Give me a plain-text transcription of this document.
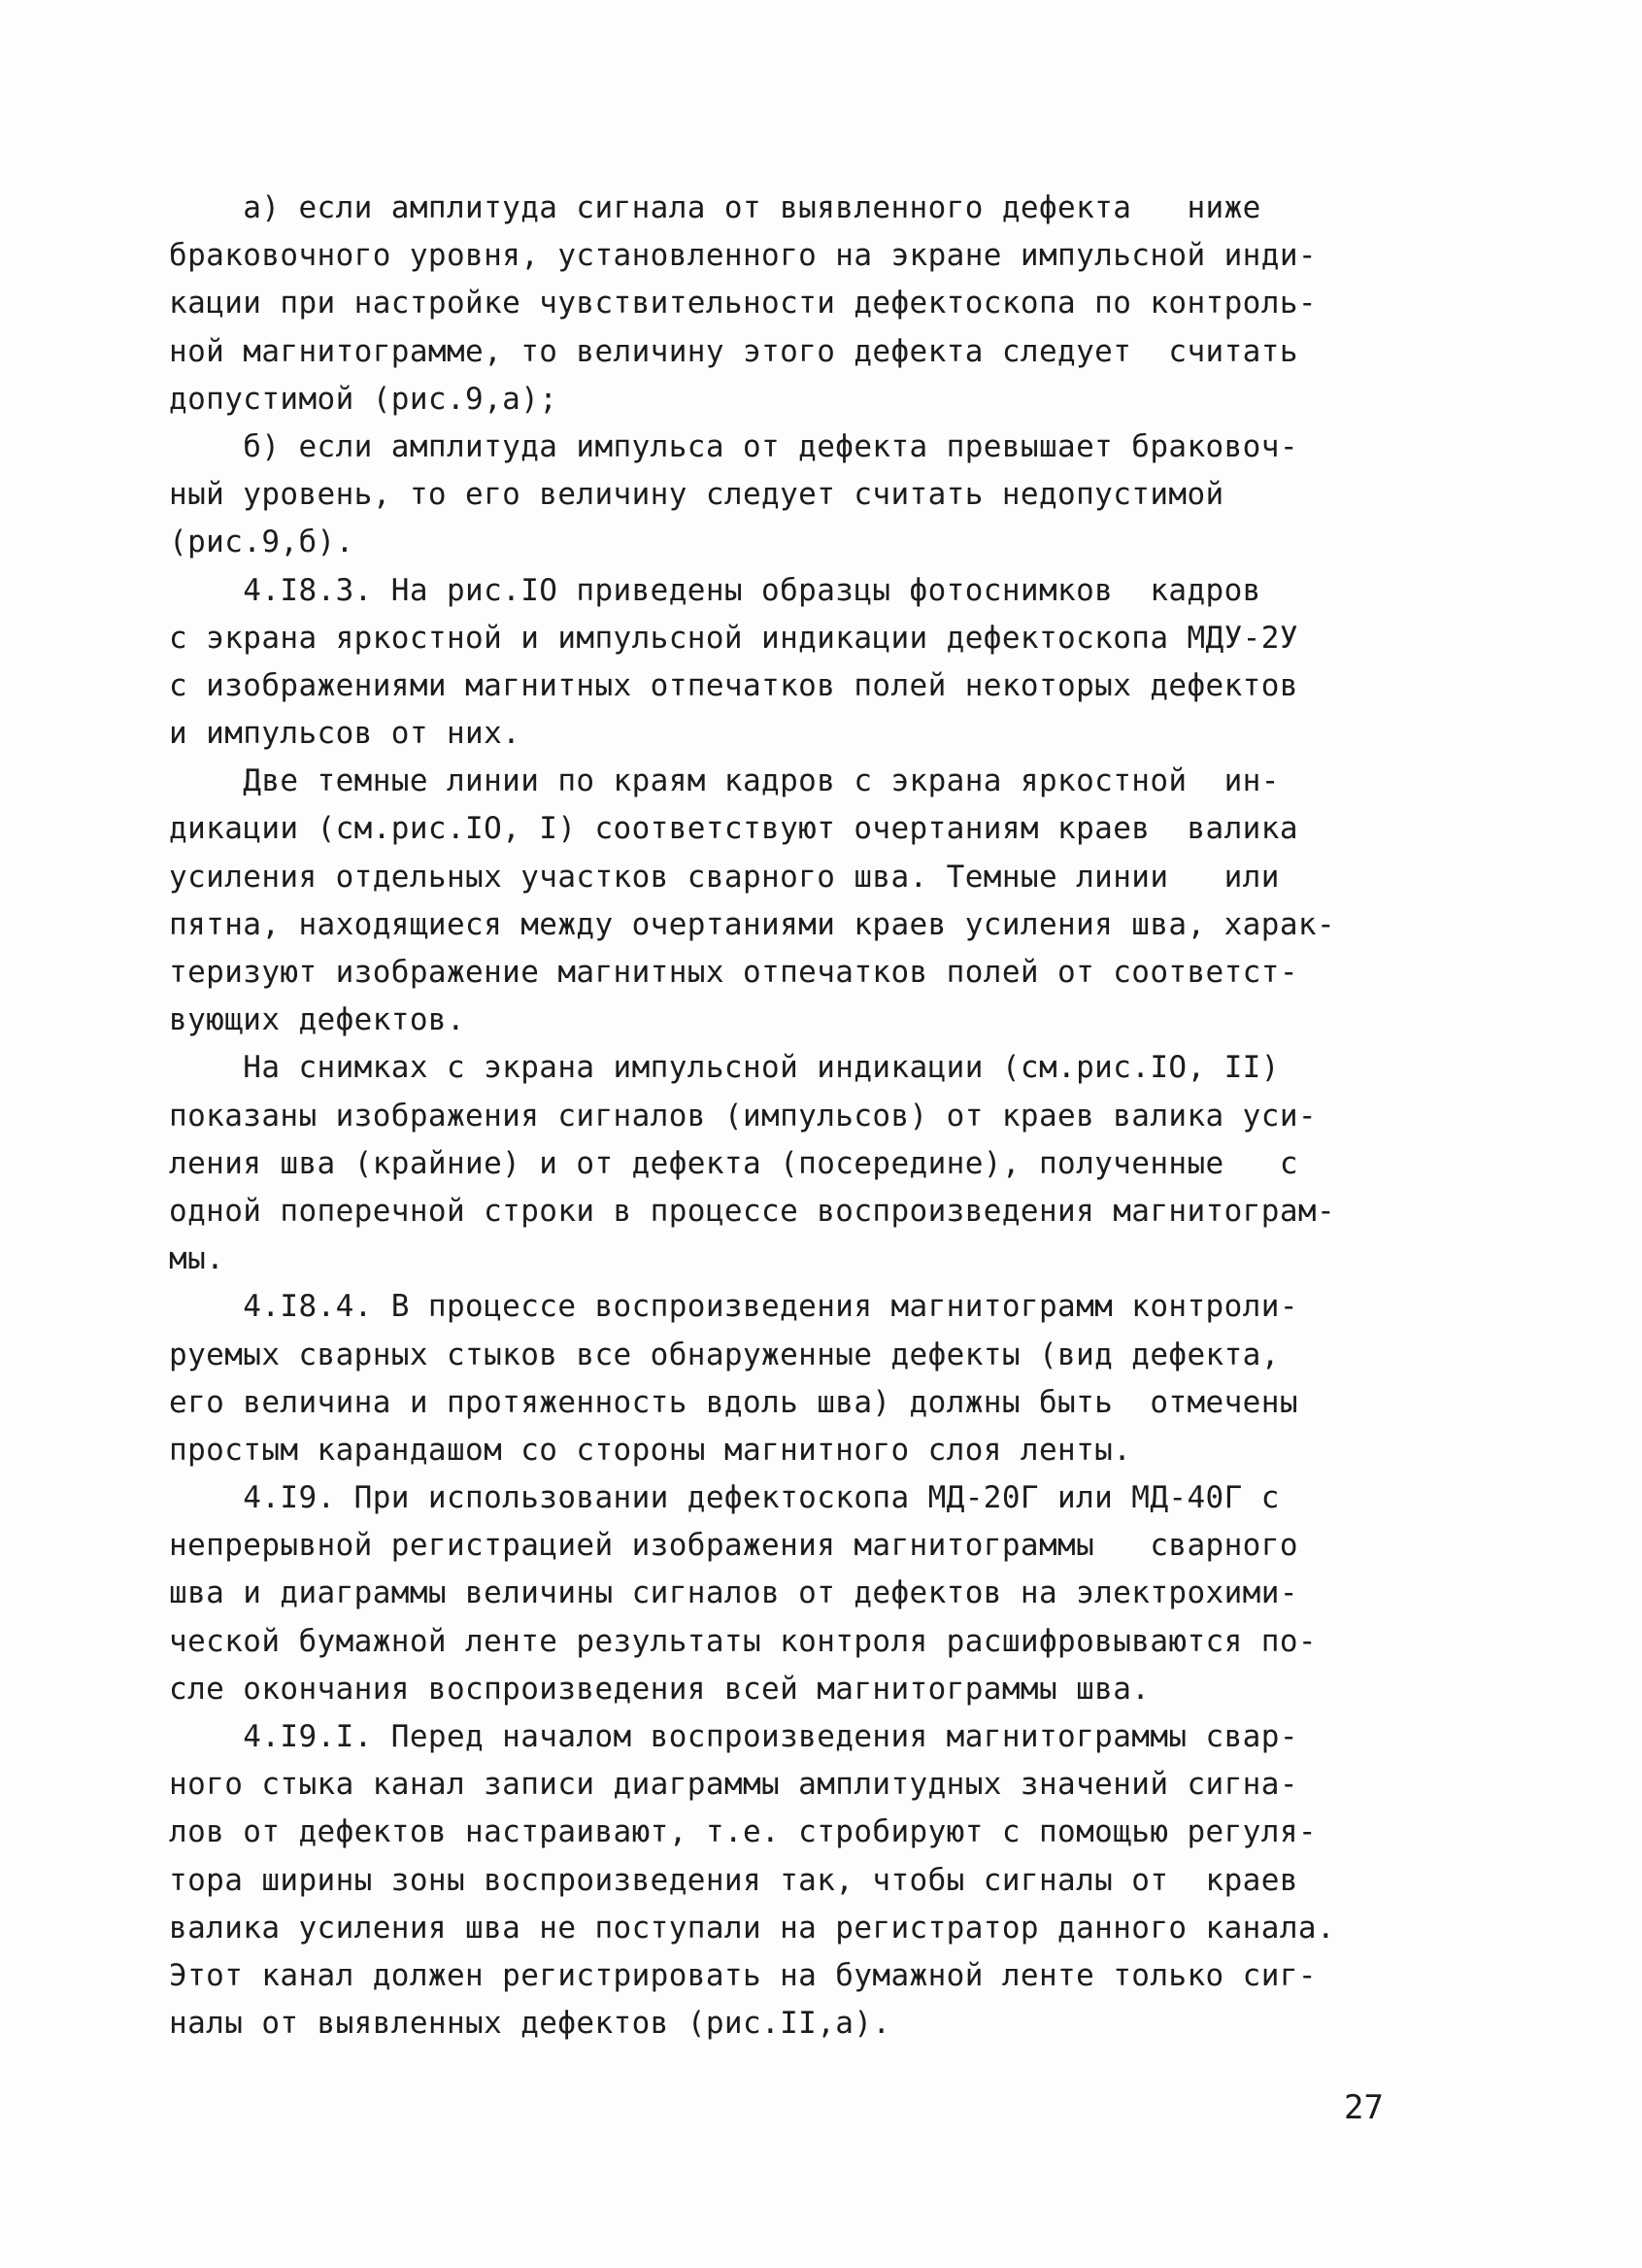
а) если амплитуда сигнала от выявленного дефекта   ниже
браковочного уровня, установленного на экране импульсной инди-
кации при настройке чувствительности дефектоскопа по контроль-
ной магнитограмме, то величину этого дефекта следует  считать
допустимой (рис.9,а);
б) если амплитуда импульса от дефекта превышает браковоч-
ный уровень, то его величину следует считать недопустимой
(рис.9,б).
4.I8.3. На рис.IО приведены образцы фотоснимков  кадров
с экрана яркостной и импульсной индикации дефектоскопа МДУ-2У
с изображениями магнитных отпечатков полей некоторых дефектов
и импульсов от них.
Две темные линии по краям кадров с экрана яркостной  ин-
дикации (см.рис.IО, I) соответствуют очертаниям краев  валика
усиления отдельных участков сварного шва. Темные линии   или
пятна, находящиеся между очертаниями краев усиления шва, харак-
теризуют изображение магнитных отпечатков полей от соответст-
вующих дефектов.
На снимках с экрана импульсной индикации (см.рис.IО, II)
показаны изображения сигналов (импульсов) от краев валика уси-
ления шва (крайние) и от дефекта (посередине), полученные   с
одной поперечной строки в процессе воспроизведения магнитограм-
мы.
4.I8.4. В процессе воспроизведения магнитограмм контроли-
руемых сварных стыков все обнаруженные дефекты (вид дефекта,
его величина и протяженность вдоль шва) должны быть  отмечены
простым карандашом со стороны магнитного слоя ленты.
4.I9. При использовании дефектоскопа МД-20Г или МД-40Г с
непрерывной регистрацией изображения магнитограммы   сварного
шва и диаграммы величины сигналов от дефектов на электрохими-
ческой бумажной ленте результаты контроля расшифровываются по-
сле окончания воспроизведения всей магнитограммы шва.
4.I9.I. Перед началом воспроизведения магнитограммы свар-
ного стыка канал записи диаграммы амплитудных значений сигна-
лов от дефектов настраивают, т.е. стробируют с помощью регуля-
тора ширины зоны воспроизведения так, чтобы сигналы от  краев
валика усиления шва не поступали на регистратор данного канала.
Этот канал должен регистрировать на бумажной ленте только сиг-
налы от выявленных дефектов (рис.II,а).
27
